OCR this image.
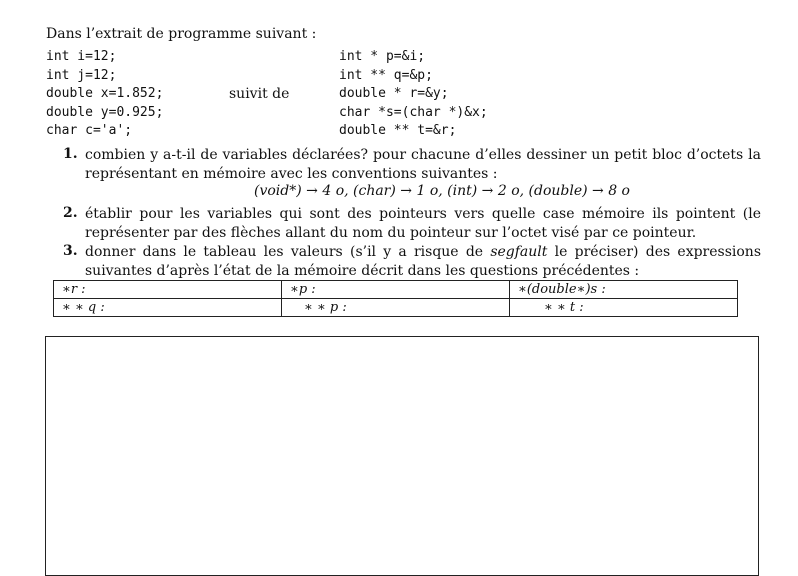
Dans l’extrait de programme suivant :
int i=12;
int j=12;
double x=1.852;
double y=0.925;
char c='a';
suivit de
int * p=&i;
int ** q=&p;
double * r=&y;
char *s=(char *)&x;
double ** t=&r;
1. combien y a-t-il de variables déclarées? pour chacune d’elles dessiner un petit bloc d’octets la représentant en mémoire avec les conventions suivantes :
(void*) → 4 o, (char) → 1 o, (int) → 2 o, (double) → 8 o
2. établir pour les variables qui sont des pointeurs vers quelle case mémoire ils pointent (le représenter par des flèches allant du nom du pointeur sur l’octet visé par ce pointeur.
3. donner dans le tableau les valeurs (s’il y a risque de segfault le préciser) des expressions suivantes d’après l’état de la mémoire décrit dans les questions précédentes :
∗r :	∗p :	∗(double∗)s :
∗ ∗ q :	∗ ∗ p :	∗ ∗ t :
